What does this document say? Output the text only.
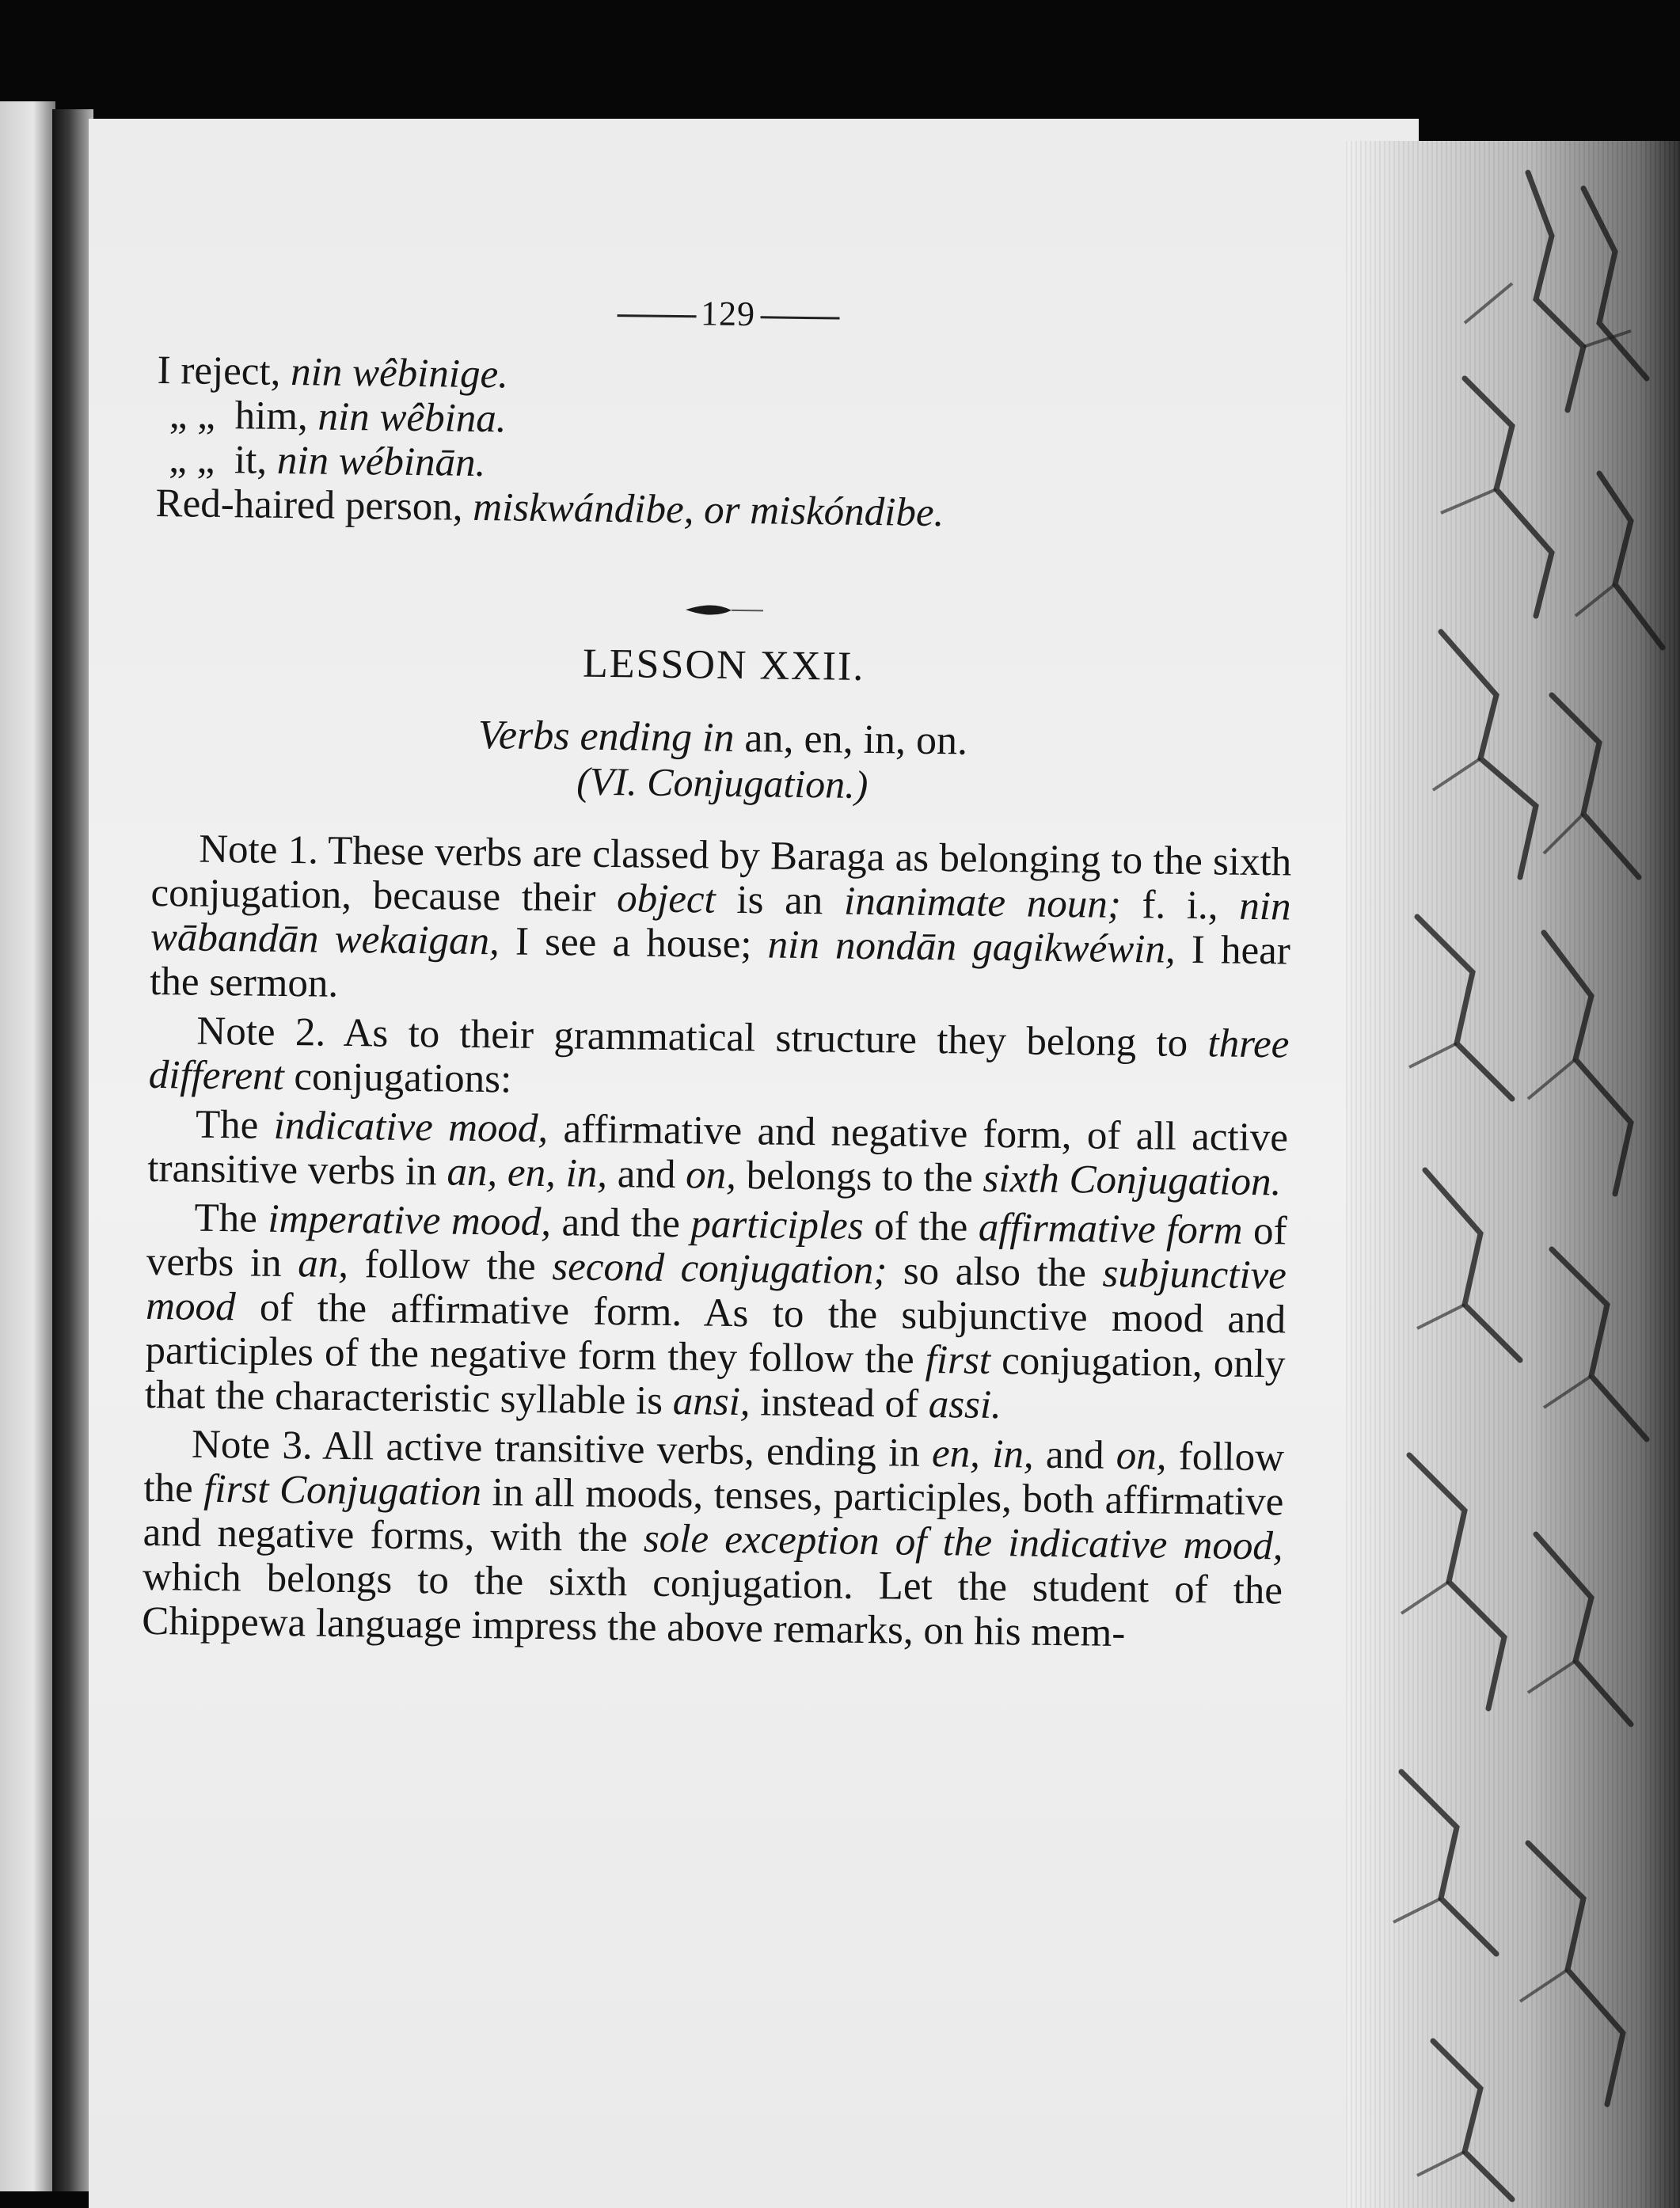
129

I reject, nin wêbinige.

„ „ him, nin wêbina.

„ „ it, nin wébinān.

Red-haired person, miskwándibe, or miskóndibe.

LESSON XXII.

Verbs ending in an, en, in, on.

(VI. Conjugation.)

Note 1. These verbs are classed by Baraga as belonging to the sixth conjugation, because their object is an inanimate noun; f. i., nin wābandān wekaigan, I see a house; nin nondān gagikwéwin, I hear the sermon.

Note 2. As to their grammatical structure they belong to three different conjugations:

The indicative mood, affirmative and negative form, of all active transitive verbs in an, en, in, and on, belongs to the sixth Conjugation.

The imperative mood, and the participles of the affirmative form of verbs in an, follow the second conjugation; so also the subjunctive mood of the affirmative form. As to the subjunctive mood and participles of the negative form they follow the first conjugation, only that the characteristic syllable is ansi, instead of assi.

Note 3. All active transitive verbs, ending in en, in, and on, follow the first Conjugation in all moods, tenses, participles, both affirmative and negative forms, with the sole exception of the indicative mood, which belongs to the sixth conjugation. Let the student of the Chippewa language impress the above remarks, on his mem-
